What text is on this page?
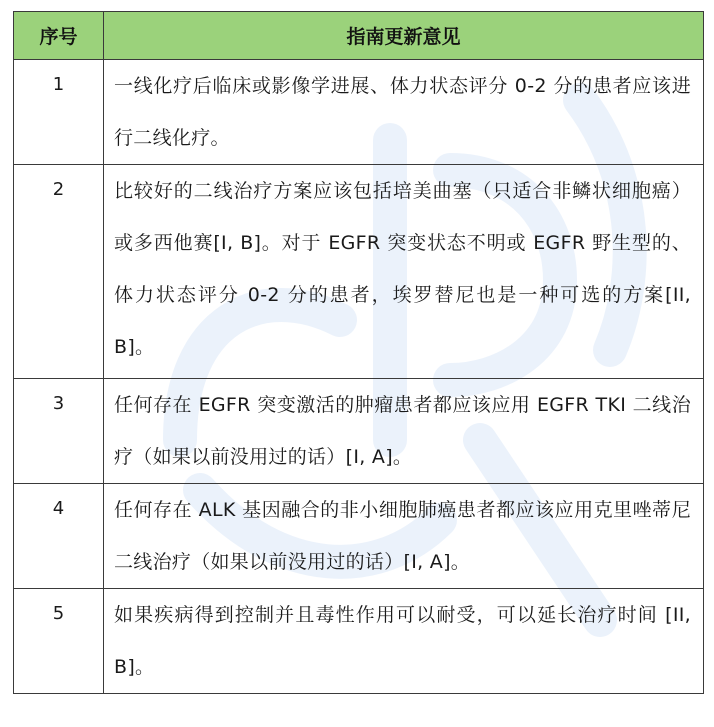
序号	指南更新意见
1	一线化疗后临床或影像学进展、体力状态评分 0-2 分的患者应该进行二线化疗。
2	比较好的二线治疗方案应该包括培美曲塞（只适合非鳞状细胞癌）或多西他赛[I, B]。对于 EGFR 突变状态不明或 EGFR 野生型的、体力状态评分 0-2 分的患者，埃罗替尼也是一种可选的方案[II, B]。
3	任何存在 EGFR 突变激活的肿瘤患者都应该应用 EGFR TKI 二线治疗（如果以前没用过的话）[I, A]。
4	任何存在 ALK 基因融合的非小细胞肺癌患者都应该应用克里唑蒂尼二线治疗（如果以前没用过的话）[I, A]。
5	如果疾病得到控制并且毒性作用可以耐受，可以延长治疗时间 [II, B]。
